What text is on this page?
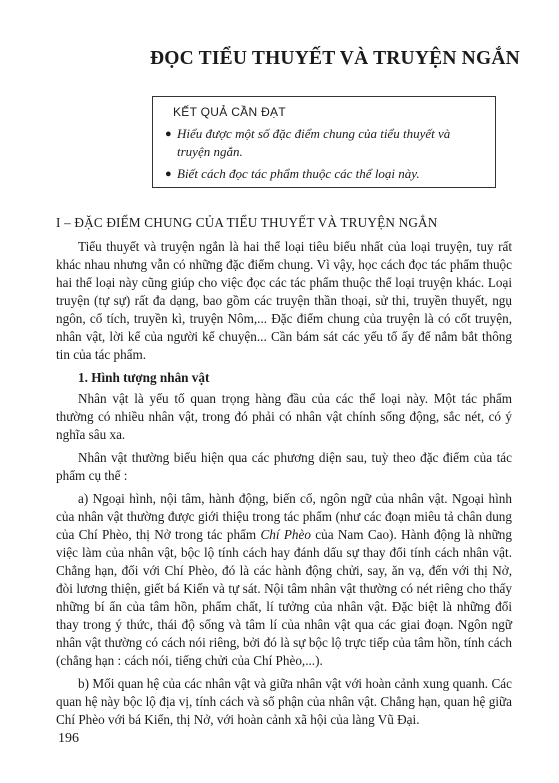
ĐỌC TIỂU THUYẾT VÀ TRUYỆN NGẮN
KẾT QUẢ CẦN ĐẠT
● Hiểu được một số đặc điểm chung của tiểu thuyết và truyện ngắn.
● Biết cách đọc tác phẩm thuộc các thể loại này.
I – ĐẶC ĐIỂM CHUNG CỦA TIỂU THUYẾT VÀ TRUYỆN NGẮN

Tiểu thuyết và truyện ngắn là hai thể loại tiêu biểu nhất của loại truyện, tuy rất khác nhau nhưng vẫn có những đặc điểm chung. Vì vậy, học cách đọc tác phẩm thuộc hai thể loại này cũng giúp cho việc đọc các tác phẩm thuộc thể loại truyện khác. Loại truyện (tự sự) rất đa dạng, bao gồm các truyện thần thoại, sử thi, truyền thuyết, ngụ ngôn, cổ tích, truyền kì, truyện Nôm,... Đặc điểm chung của truyện là có cốt truyện, nhân vật, lời kể của người kể chuyện... Cần bám sát các yếu tố ấy để nắm bắt thông tin của tác phẩm.

1. Hình tượng nhân vật

Nhân vật là yếu tố quan trọng hàng đầu của các thể loại này. Một tác phẩm thường có nhiều nhân vật, trong đó phải có nhân vật chính sống động, sắc nét, có ý nghĩa sâu xa.

Nhân vật thường biểu hiện qua các phương diện sau, tuỳ theo đặc điểm của tác phẩm cụ thể :

a) Ngoại hình, nội tâm, hành động, biến cố, ngôn ngữ của nhân vật. Ngoại hình của nhân vật thường được giới thiệu trong tác phẩm (như các đoạn miêu tả chân dung của Chí Phèo, thị Nở trong tác phẩm Chí Phèo của Nam Cao). Hành động là những việc làm của nhân vật, bộc lộ tính cách hay đánh dấu sự thay đổi tính cách nhân vật. Chẳng hạn, đối với Chí Phèo, đó là các hành động chửi, say, ăn vạ, đến với thị Nở, đòi lương thiện, giết bá Kiến và tự sát. Nội tâm nhân vật thường có nét riêng cho thấy những bí ẩn của tâm hồn, phẩm chất, lí tưởng của nhân vật. Đặc biệt là những đổi thay trong ý thức, thái độ sống và tâm lí của nhân vật qua các giai đoạn. Ngôn ngữ nhân vật thường có cách nói riêng, bởi đó là sự bộc lộ trực tiếp của tâm hồn, tính cách (chẳng hạn : cách nói, tiếng chửi của Chí Phèo,...).

b) Mối quan hệ của các nhân vật và giữa nhân vật với hoàn cảnh xung quanh. Các quan hệ này bộc lộ địa vị, tính cách và số phận của nhân vật. Chẳng hạn, quan hệ giữa Chí Phèo với bá Kiến, thị Nở, với hoàn cảnh xã hội của làng Vũ Đại.

196
